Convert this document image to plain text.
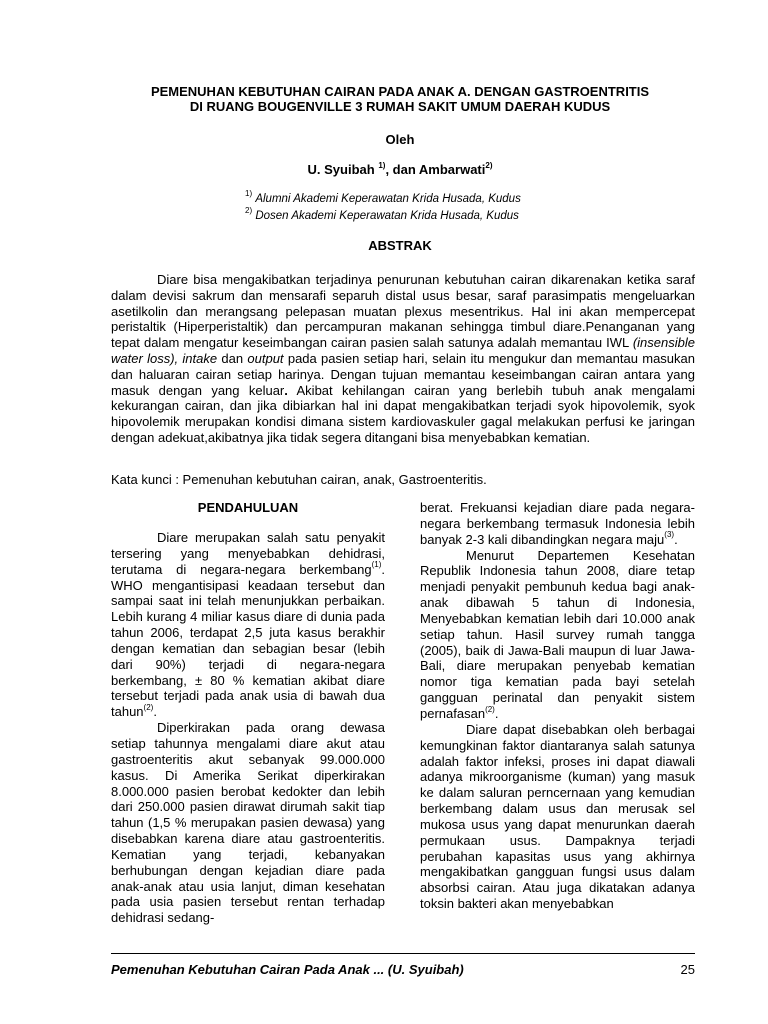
PEMENUHAN KEBUTUHAN CAIRAN PADA ANAK A. DENGAN GASTROENTRITIS
DI RUANG BOUGENVILLE 3 RUMAH SAKIT UMUM DAERAH KUDUS
Oleh
U. Syuibah $^{1)}$, dan Ambarwati$^{2)}$
$^{1)}$ Alumni Akademi Keperawatan Krida Husada, Kudus
$^{2)}$ Dosen Akademi Keperawatan Krida Husada, Kudus
ABSTRAK

Diare bisa mengakibatkan terjadinya penurunan kebutuhan cairan dikarenakan ketika saraf dalam devisi sakrum dan mensarafi separuh distal usus besar, saraf parasimpatis mengeluarkan asetilkolin dan merangsang pelepasan muatan plexus mesentrikus. Hal ini akan mempercepat peristaltik (Hiperperistaltik) dan percampuran makanan sehingga timbul diare.Penanganan yang tepat dalam mengatur keseimbangan cairan pasien salah satunya adalah memantau IWL (insensible water loss), intake dan output pada pasien setiap hari, selain itu mengukur dan memantau masukan dan haluaran cairan setiap harinya. Dengan tujuan memantau keseimbangan cairan antara yang masuk dengan yang keluar. Akibat kehilangan cairan yang berlebih tubuh anak mengalami kekurangan cairan, dan jika dibiarkan hal ini dapat mengakibatkan terjadi syok hipovolemik, syok hipovolemik merupakan kondisi dimana sistem kardiovaskuler gagal melakukan perfusi ke jaringan dengan adekuat,akibatnya jika tidak segera ditangani bisa menyebabkan kematian.

Kata kunci : Pemenuhan kebutuhan cairan, anak, Gastroenteritis.
PENDAHULUAN

Diare merupakan salah satu penyakit tersering yang menyebabkan dehidrasi, terutama di negara-negara berkembang$^{(1)}$. WHO mengantisipasi keadaan tersebut dan sampai saat ini telah menunjukkan perbaikan. Lebih kurang 4 miliar kasus diare di dunia pada tahun 2006, terdapat 2,5 juta kasus berakhir dengan kematian dan sebagian besar (lebih dari 90%) terjadi di negara-negara berkembang, ± 80 % kematian akibat diare tersebut terjadi pada anak usia di bawah dua tahun$^{(2)}$.

Diperkirakan pada orang dewasa setiap tahunnya mengalami diare akut atau gastroenteritis akut sebanyak 99.000.000 kasus. Di Amerika Serikat diperkirakan 8.000.000 pasien berobat kedokter dan lebih dari 250.000 pasien dirawat dirumah sakit tiap tahun (1,5 % merupakan pasien dewasa) yang disebabkan karena diare atau gastroenteritis. Kematian yang terjadi, kebanyakan berhubungan dengan kejadian diare pada anak-anak atau usia lanjut, diman kesehatan pada usia pasien tersebut rentan terhadap dehidrasi sedang-

berat. Frekuansi kejadian diare pada negara-negara berkembang termasuk Indonesia lebih banyak 2-3 kali dibandingkan negara maju$^{(3)}$.

Menurut Departemen Kesehatan Republik Indonesia tahun 2008, diare tetap menjadi penyakit pembunuh kedua bagi anak-anak dibawah 5 tahun di Indonesia, Menyebabkan kematian lebih dari 10.000 anak setiap tahun. Hasil survey rumah tangga (2005), baik di Jawa-Bali maupun di luar Jawa-Bali, diare merupakan penyebab kematian nomor tiga kematian pada bayi setelah gangguan perinatal dan penyakit sistem pernafasan$^{(2)}$.

Diare dapat disebabkan oleh berbagai kemungkinan faktor diantaranya salah satunya adalah faktor infeksi, proses ini dapat diawali adanya mikroorganisme (kuman) yang masuk ke dalam saluran perncernaan yang kemudian berkembang dalam usus dan merusak sel mukosa usus yang dapat menurunkan daerah permukaan usus. Dampaknya terjadi perubahan kapasitas usus yang akhirnya mengakibatkan gangguan fungsi usus dalam absorbsi cairan. Atau juga dikatakan adanya toksin bakteri akan menyebabkan

Pemenuhan Kebutuhan Cairan Pada Anak ... (U. Syuibah)	25
